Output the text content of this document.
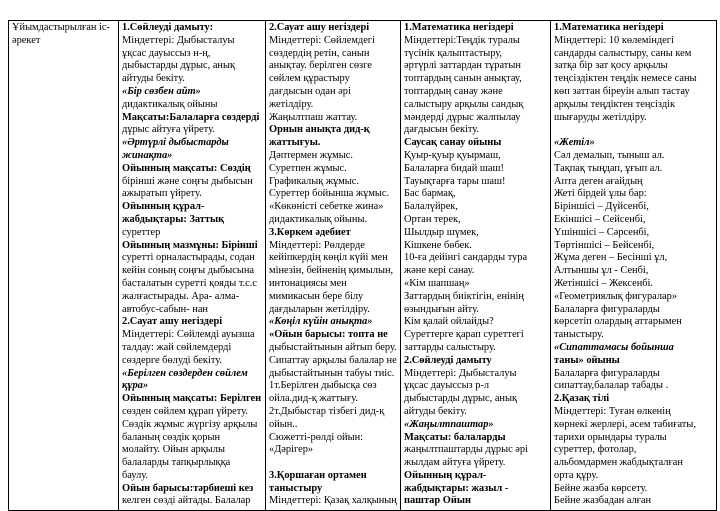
Ұйымдастырылған іс-әрекет

1.Сөйлеуді дамыту:
Міндеттері: Дыбысталуы
ұқсас дауыссыз н-ң,
дыбыстарды дұрыс, анық
айтуды бекіту.
«Бір сөзбен айт»
дидактикалық ойыны
Мақсаты:Балаларға сөздерді
дұрыс айтуға үйрету.
«Әртүрлі дыбыстарды
жинақта»
Ойынның мақсаты: Сөздің
бірінші және соңғы дыбысын
ажыратып үйрету.
Ойынның құрал-
жабдықтары: Заттық
суреттер
Ойынның мазмұны: Бірінші
суретті орналастырады, содан
кейін соның соңғы дыбысына
басталатын суретті қояды т.с.с
жалғастырады. Ара- алма-
автобус-сабын- нан
2.Сауат ашу негіздері
Міндеттері: Сөйлемді ауызша
талдау: жай сөйлемдерді
сөздерге бөлуді бекіту.
«Берілген сөздерден сөйлем
құра»
Ойынның мақсаты: Берілген
сөзден сөйлем құрап үйрету.
Сөздік жұмыс жүргізу арқылы
баланың сөздік қорын
молайту. Ойын арқылы
балаларды тапқырлыққа
баулу.
Ойын барысы:тәрбиеші кез
келген сөзді айтады. Балалар

2.Сауат ашу негіздері
Міндеттері: Сөйлемдегі
сөздердің ретін, санын
анықтау. берілген сөзге
сөйлем құрастыру
дағдысын одан әрі
жетілдіру.
Жаңылтпаш жаттау.
Орнын анықта дид-қ
жаттығуы.
Дәптермен жұмыс.
Суретпен жұмыс.
Графикалық жұмыс.
Суреттер бойынша жұмыс.
«Көкөністі себетке жина»
дидактикалық ойыны.
3.Көркем әдебиет
Міндеттері: Рөлдерде
кейіпкердің көңіл күйі мен
мінезін, бейненің қимылын,
интонациясы мен
мимикасын бере білу
дағдыларын жетілдіру.
«Көңіл күйін анықта»
«Ойын барысы: топта не
дыбыстайтынын айтып беру.
Сипаттау арқылы балалар не
дыбыстайтынын табуы тиіс.
1т.Берілген дыбысқа сөз
ойла.дид-қ жаттығу.
2т.Дыбыстар тізбегі дид-қ
ойын..
Сюжетті-рөлді ойын:
«Дәрігер»

3.Қоршаған ортамен
таныстыру
Міндеттері: Қазақ халқының

1.Математика негіздері
Міндеттері:Теңдік туралы
түсінік қалыптастыру,
әртүрлі заттардан тұратын
топтардың санын анықтау,
топтардың санау және
салыстыру арқылы сандық
мәндерді дұрыс жалпылау
дағдысын бекіту.
Саусақ санау ойыны
Қуыр-қуыр қуырмаш,
Балаларға бидай шаш!
Тауықтарға тары шаш!
Бас бармақ,
Балалүйрек,
Ортан терек,
Шылдыр шүмек,
Кішкене бөбек.
10-ға дейінгі сандарды тура
және кері санау.
«Кім шапшаң»
Заттардың биіктігін, енінің
өзындығын айту.
Кім қалай ойлайды?
Суреттерге қарап суреттегі
заттарды салыстыру.
2.Сөйлеуді дамыту
Міндеттері: Дыбысталуы
ұқсас дауыссыз р-л
дыбыстарды дұрыс, анық
айтуды бекіту.
«Жаңылтпаштар»
Мақсаты: балаларды
жаңылтпаштарды дұрыс әрі
жылдам айтуға үйрету.
Ойынның құрал-
жабдықтары: жазыл -
паштар Ойын

1.Математика негіздері
Міндеттері: 10 көлеміндегі
сандарды салыстыру, саны кем
затқа бір зат қосу арқылы
теңсіздіктен теңдік немесе саны
көп заттан біреуін алып тастау
арқылы теңдіктен теңсіздік
шығаруды жетілдіру.

«Жетіл»
Сәл демалып, тыныш ал.
Тақпақ тыңдап, ұғып ал.
Апта деген ағайдың
Жеті бірдей ұлы бар:
Біріншісі – Дүйсенбі,
Екіншісі – Сейсенбі,
Үшіншісі – Сәрсенбі,
Төртіншісі – Бейсенбі,
Жұма деген – Бесінші ұл,
Алтыншы ұл - Сенбі,
Жетіншісі – Жексенбі.
«Геометриялық фигуралар»
Балаларға фигураларды
көрсетіп олардың аттарымен
таныстыру.
«Сипаттамасы бойынша
таны» ойыны
Балаларға фигураларды
сипаттау,балалар табады .
2.Қазақ тілі
Міндеттері: Туған өлкенің
көрнекі жерлері, әсем табиғаты,
тарихи орындары туралы
суреттер, фотолар,
альбомдармен жабдықталған
орта құру.
Бейне жазба көрсету.
Бейне жазбадан алған
